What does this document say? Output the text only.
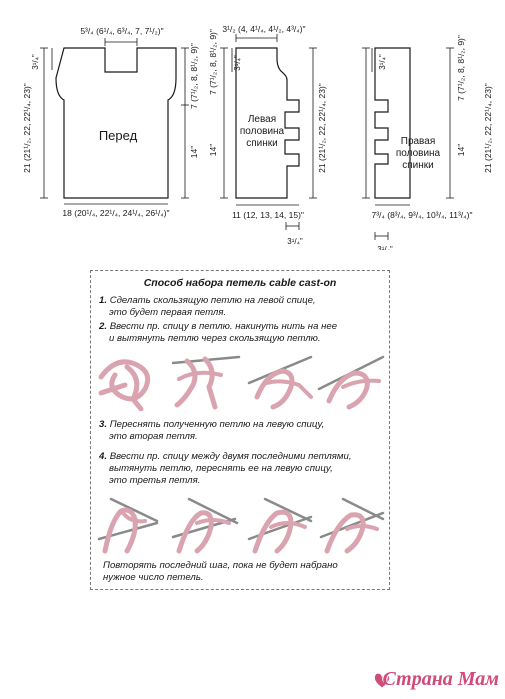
5³/₄ (6¹/₄, 6³/₄, 7, 7¹/₂)"
3¹/₄"
21 (21¹/₂, 22, 22¹/₄, 23)"
7 (7¹/₂, 8, 8¹/₂, 9)"
14"
18 (20¹/₄, 22¹/₄, 24¹/₄, 26¹/₄)"
Перед
3¹/₂ (4, 4¹/₄, 4¹/₂, 4³/₄)"
7 (7¹/₂, 8, 8¹/₂, 9)" 3¹/₄"
21 (21¹/₂, 22, 22¹/₄, 23)"
14"
11 (12, 13, 14, 15)"
3¹/₄"
Левая
половина
спинки
3¹/₄"	7 (7¹/₂, 8, 8¹/₂, 9)"
21 (21¹/₂, 22, 22¹/₄, 23)"
14"
7³/₄ (8³/₄, 9³/₄, 10³/₄, 11³/₄)"
3¹/₄"
Правая
половина
спинки
Способ набора петель cable cast-on
1. Сделать скользящую петлю на левой спице,
это будет первая петля.
2. Ввести пр. спицу в петлю. накинуть нить на нее
и вытянуть петлю через скользящую петлю.
3. Переснять полученную петлю на левую спицу,
это вторая петля.
4. Ввести пр. спицу между двумя последними петлями,
вытянуть петлю, переснять ее на левую спицу,
это третья петля.
Повторять последний шаг, пока не будет набрано
нужное число петель.
Страна Мам
